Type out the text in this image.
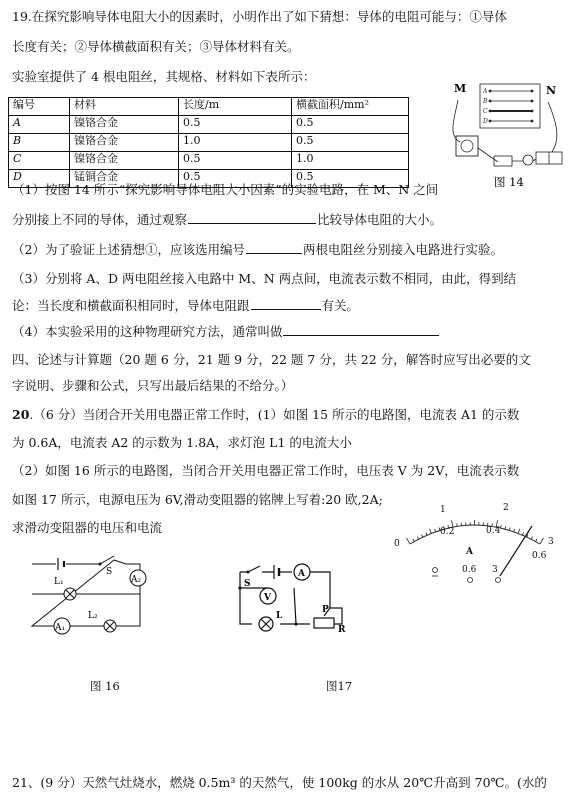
19.在探究影响导体电阻大小的因素时，小明作出了如下猜想：导体的电阻可能与：①导体
长度有关；②导体横截面积有关；③导体材料有关。
实验室提供了 4 根电阻丝，其规格、材料如下表所示：
编号	材料	长度/m	横截面积/mm²
A	镍铬合金	0.5	0.5
B	镍铬合金	1.0	0.5
C	镍铬合金	0.5	1.0
D	锰铜合金	0.5	0.5
M	N
A
B
C
D
图 14
（1）按图 14 所示“探究影响导体电阻大小因素”的实验电路，在 M、N 之间
分别接上不同的导体，通过观察	比较导体电阻的大小。
（2）为了验证上述猜想①，应该选用编号	两根电阻丝分别接入电路进行实验。
（3）分别将 A、D 两电阻丝接入电路中 M、N 两点间，电流表示数不相同，由此，得到结
论：当长度和横截面积相同时，导体电阻跟	有关。
（4）本实验采用的这种物理研究方法，通常叫做
四、论述与计算题（20 题 6 分，21 题 9 分，22 题 7 分，共 22 分，解答时应写出必要的文
字说明、步骤和公式，只写出最后结果的不给分。）
20.（6 分）当闭合开关用电器正常工作时，(1）如图 15 所示的电路图，电流表 A1 的示数
为 0.6A，电流表 A2 的示数为 1.8A，求灯泡 L1 的电流大小
（2）如图 16 所示的电路图，当闭合开关用电器正常工作时，电压表 V 为 2V，电流表示数
如图 17 所示，电源电压为 6V,滑动变阻器的铭牌上写着:20 欧,2A;
求滑动变阻器的电压和电流
0
1	2
3
0.2	0.4
0.6
A
0.6 3
S
A₂
L₁
A₁
L₂
S
A
V
L
P
R
图 16	图17
21、(9 分）天然气灶烧水，燃烧 0.5m³ 的天然气，使 100kg 的水从 20℃升高到 70℃。(水的
